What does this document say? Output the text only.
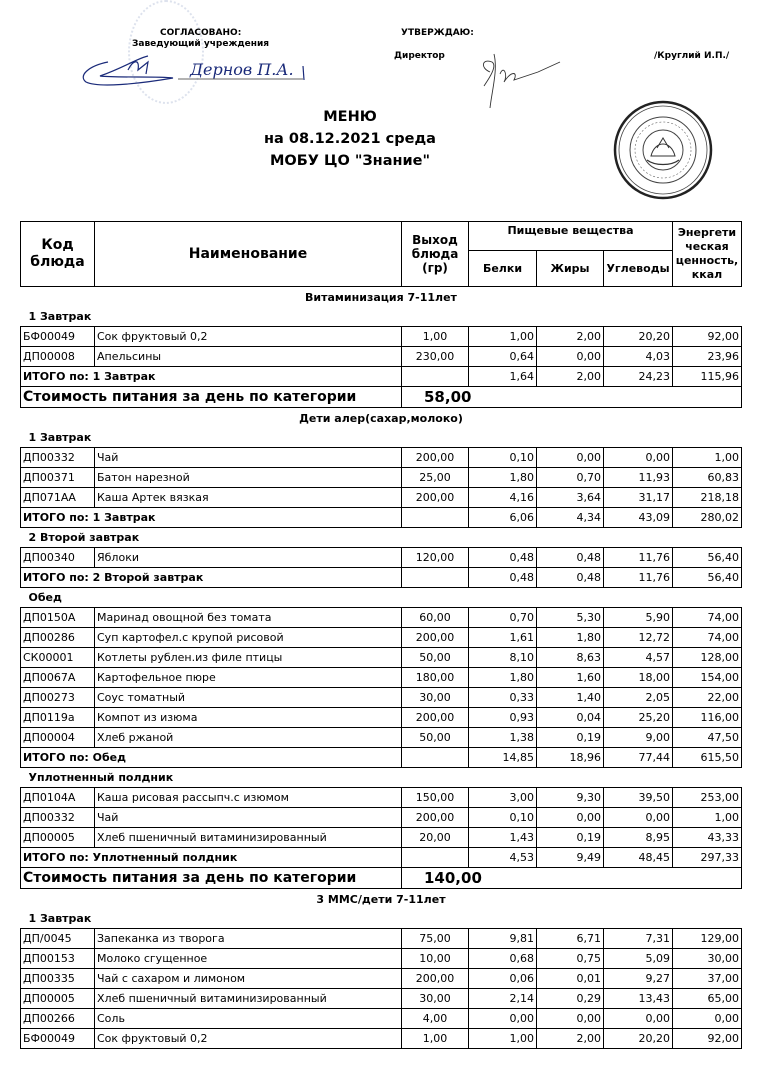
СОГЛАСОВАНО:
Заведующий учреждения
Дернов П.А.
УТВЕРЖДАЮ:
Директор	/Круглий И.П./
МЕНЮ
на 08.12.2021 среда
МОБУ ЦО "Знание"
Код блюда	Наименование	Выход блюда (гр)	Пищевые вещества			Энергети ческая ценность, ккал
			Белки	Жиры	Углеводы	
Витаминизация 7-11лет						
1 Завтрак						
БФ00049	Сок фруктовый 0,2	1,00	1,00	2,00	20,20	92,00
ДП00008	Апельсины	230,00	0,64	0,00	4,03	23,96
ИТОГО по: 1 Завтрак			1,64	2,00	24,23	115,96
Стоимость питания за день по категории		58,00				
Дети алер(сахар,молоко)						
1 Завтрак						
ДП00332	Чай	200,00	0,10	0,00	0,00	1,00
ДП00371	Батон нарезной	25,00	1,80	0,70	11,93	60,83
ДП071АА	Каша Артек вязкая	200,00	4,16	3,64	31,17	218,18
ИТОГО по: 1 Завтрак			6,06	4,34	43,09	280,02
2 Второй завтрак						
ДП00340	Яблоки	120,00	0,48	0,48	11,76	56,40
ИТОГО по: 2 Второй завтрак			0,48	0,48	11,76	56,40
Обед						
ДП0150А	Маринад овощной без томата	60,00	0,70	5,30	5,90	74,00
ДП00286	Суп картофел.с крупой рисовой	200,00	1,61	1,80	12,72	74,00
СК00001	Котлеты рублен.из филе птицы	50,00	8,10	8,63	4,57	128,00
ДП0067А	Картофельное пюре	180,00	1,80	1,60	18,00	154,00
ДП00273	Соус томатный	30,00	0,33	1,40	2,05	22,00
ДП0119а	Компот из изюма	200,00	0,93	0,04	25,20	116,00
ДП00004	Хлеб ржаной	50,00	1,38	0,19	9,00	47,50
ИТОГО по: Обед			14,85	18,96	77,44	615,50
Уплотненный полдник						
ДП0104А	Каша рисовая рассыпч.с изюмом	150,00	3,00	9,30	39,50	253,00
ДП00332	Чай	200,00	0,10	0,00	0,00	1,00
ДП00005	Хлеб пшеничный витаминизированный	20,00	1,43	0,19	8,95	43,33
ИТОГО по: Уплотненный полдник			4,53	9,49	48,45	297,33
Стоимость питания за день по категории		140,00				
3 ММС/дети 7-11лет						
1 Завтрак						
ДП/0045	Запеканка из творога	75,00	9,81	6,71	7,31	129,00
ДП00153	Молоко сгущенное	10,00	0,68	0,75	5,09	30,00
ДП00335	Чай с сахаром и лимоном	200,00	0,06	0,01	9,27	37,00
ДП00005	Хлеб пшеничный витаминизированный	30,00	2,14	0,29	13,43	65,00
ДП00266	Соль	4,00	0,00	0,00	0,00	0,00
БФ00049	Сок фруктовый 0,2	1,00	1,00	2,00	20,20	92,00
